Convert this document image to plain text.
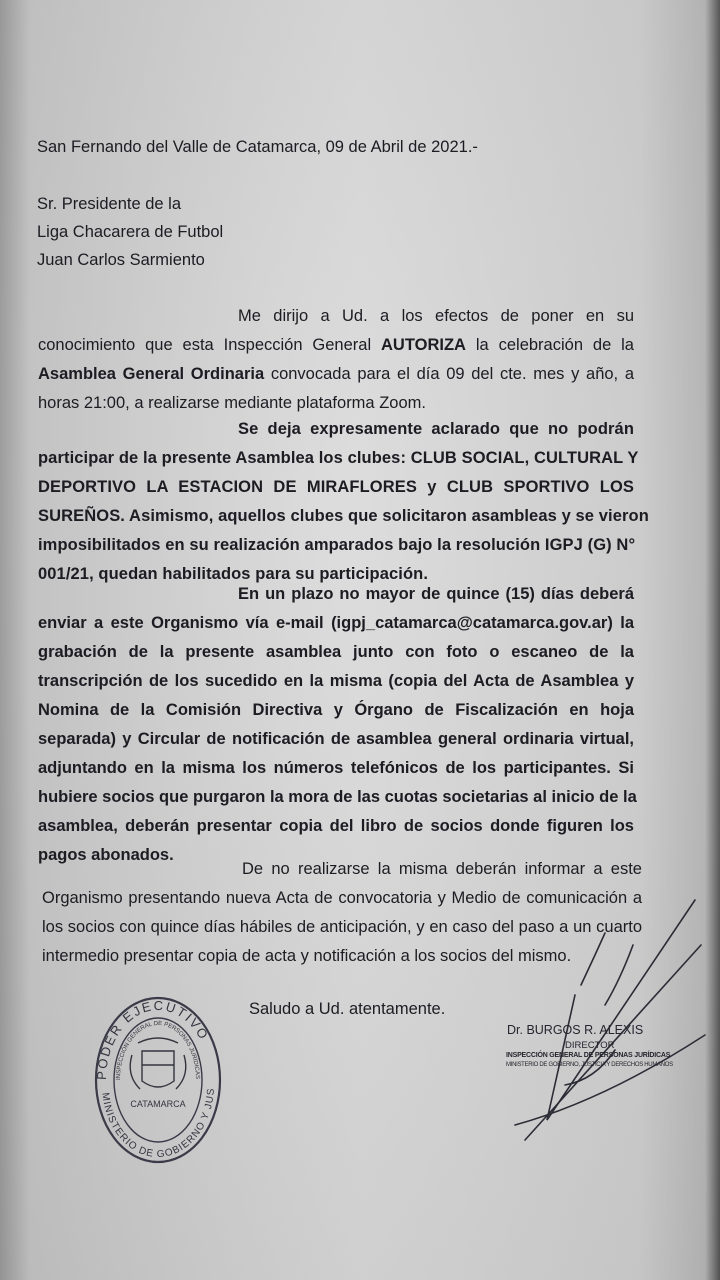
San Fernando del Valle de Catamarca, 09 de Abril de 2021.-
Sr. Presidente de la
Liga Chacarera de Futbol
Juan Carlos Sarmiento
Me dirijo a Ud. a los efectos de poner en su
conocimiento que esta Inspección General AUTORIZA la celebración de la
Asamblea General Ordinaria convocada para el día 09 del cte. mes y año, a
horas 21:00, a realizarse mediante plataforma Zoom.
Se deja expresamente aclarado que no podrán
participar de la presente Asamblea los clubes: CLUB SOCIAL, CULTURAL Y
DEPORTIVO LA ESTACION DE MIRAFLORES y CLUB SPORTIVO LOS
SUREÑOS. Asimismo, aquellos clubes que solicitaron asambleas y se vieron
imposibilitados en su realización amparados bajo la resolución IGPJ (G) N°
001/21, quedan habilitados para su participación.
En un plazo no mayor de quince (15) días deberá
enviar a este Organismo vía e-mail (igpj_catamarca@catamarca.gov.ar) la
grabación de la presente asamblea junto con foto o escaneo de la
transcripción de los sucedido en la misma (copia del Acta de Asamblea y
Nomina de la Comisión Directiva y Órgano de Fiscalización en hoja
separada) y Circular de notificación de asamblea general ordinaria virtual,
adjuntando en la misma los números telefónicos de los participantes. Si
hubiere socios que purgaron la mora de las cuotas societarias al inicio de la
asamblea, deberán presentar copia del libro de socios donde figuren los
pagos abonados.
De no realizarse la misma deberán informar a este
Organismo presentando nueva Acta de convocatoria y Medio de comunicación a
los socios con quince días hábiles de anticipación, y en caso del paso a un cuarto
intermedio presentar copia de acta y notificación a los socios del mismo.
Saludo a Ud. atentamente.
PODER EJECUTIVO
INSPECCIÓN GENERAL DE PERSONAS JURÍDICAS
MINISTERIO DE GOBIERNO Y JUS
CATAMARCA
Dr. BURGOS R. ALEXIS
DIRECTOR
INSPECCIÓN GENERAL DE PERSONAS JURÍDICAS
MINISTERIO DE GOBIERNO, JUSTICIA Y DERECHOS HUMANOS
